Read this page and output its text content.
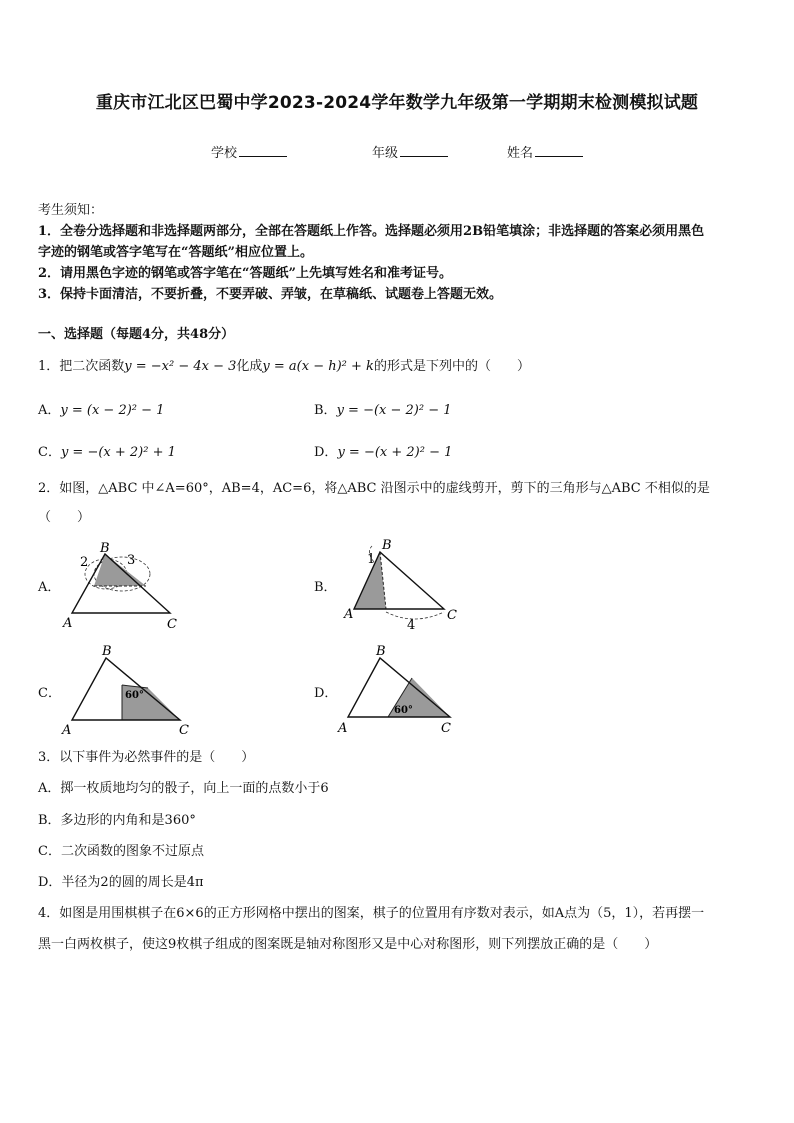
重庆市江北区巴蜀中学2023-2024学年数学九年级第一学期期末检测模拟试题
学校	年级	姓名
考生须知：
1．全卷分选择题和非选择题两部分，全部在答题纸上作答。选择题必须用2B铅笔填涂；非选择题的答案必须用黑色
字迹的钢笔或答字笔写在“答题纸”相应位置上。
2．请用黑色字迹的钢笔或答字笔在“答题纸”上先填写姓名和准考证号。
3．保持卡面清洁，不要折叠，不要弄破、弄皱，在草稿纸、试题卷上答题无效。
一、选择题（每题4分，共48分）
1．把二次函数y = −x² − 4x − 3化成y = a(x − h)² + k的形式是下列中的（　　）
A．y = (x − 2)² − 1	B．y = −(x − 2)² − 1
C．y = −(x + 2)² + 1	D．y = −(x + 2)² − 1
2．如图，△ABC 中∠A=60°，AB=4，AC=6，将△ABC 沿图示中的虚线剪开，剪下的三角形与△ABC 不相似的是
（　　）
A．
A
B
C
2	3
B．
A
B
C
1
4
C．
A
B
C
60°	D．
A
B
C
60°
3．以下事件为必然事件的是（　　）
A．掷一枚质地均匀的骰子，向上一面的点数小于6
B．多边形的内角和是360°
C．二次函数的图象不过原点
D．半径为2的圆的周长是4π
4．如图是用围棋棋子在6×6的正方形网格中摆出的图案，棋子的位置用有序数对表示，如A点为（5，1），若再摆一
黑一白两枚棋子，使这9枚棋子组成的图案既是轴对称图形又是中心对称图形，则下列摆放正确的是（　　）
